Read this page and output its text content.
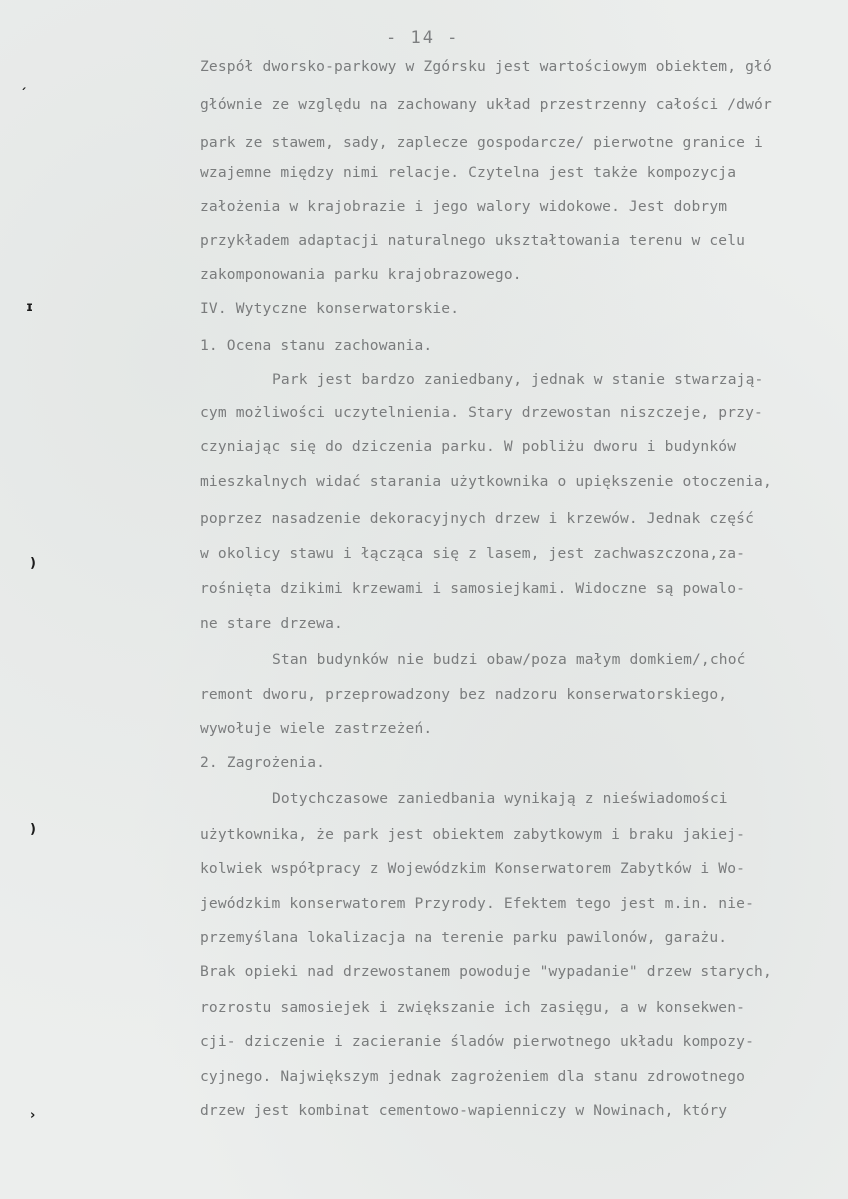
- 14 -
Zespół dworsko-parkowy w Zgórsku jest wartościowym obiektem, głó
głównie ze względu na zachowany układ przestrzenny całości /dwór
park ze stawem, sady, zaplecze gospodarcze/ pierwotne granice i
wzajemne między nimi relacje. Czytelna jest także kompozycja
założenia w krajobrazie i jego walory widokowe. Jest dobrym
przykładem adaptacji naturalnego ukształtowania terenu w celu
zakomponowania parku krajobrazowego.
IV. Wytyczne konserwatorskie.
1. Ocena stanu zachowania.
Park jest bardzo zaniedbany, jednak w stanie stwarzają-
cym możliwości uczytelnienia. Stary drzewostan niszczeje, przy-
czyniając się do dziczenia parku. W pobliżu dworu i budynków
mieszkalnych widać starania użytkownika o upiększenie otoczenia,
poprzez nasadzenie dekoracyjnych drzew i krzewów. Jednak część
w okolicy stawu i łącząca się z lasem, jest zachwaszczona,za-
rośnięta dzikimi krzewami i samosiejkami. Widoczne są powalo-
ne stare drzewa.
Stan budynków nie budzi obaw/poza małym domkiem/,choć
remont dworu, przeprowadzony bez nadzoru konserwatorskiego,
wywołuje wiele zastrzeżeń.
2. Zagrożenia.
Dotychczasowe zaniedbania wynikają z nieświadomości
użytkownika, że park jest obiektem zabytkowym i braku jakiej-
kolwiek współpracy z Wojewódzkim Konserwatorem Zabytków i Wo-
jewódzkim konserwatorem Przyrody. Efektem tego jest m.in. nie-
przemyślana lokalizacja na terenie parku pawilonów, garażu.
Brak opieki nad drzewostanem powoduje "wypadanie" drzew starych,
rozrostu samosiejek i zwiększanie ich zasięgu, a w konsekwen-
cji- dziczenie i zacieranie śladów pierwotnego układu kompozy-
cyjnego. Największym jednak zagrożeniem dla stanu zdrowotnego
drzew jest kombinat cementowo-wapienniczy w Nowinach, który
ˏ
ɪ
)
)
›
